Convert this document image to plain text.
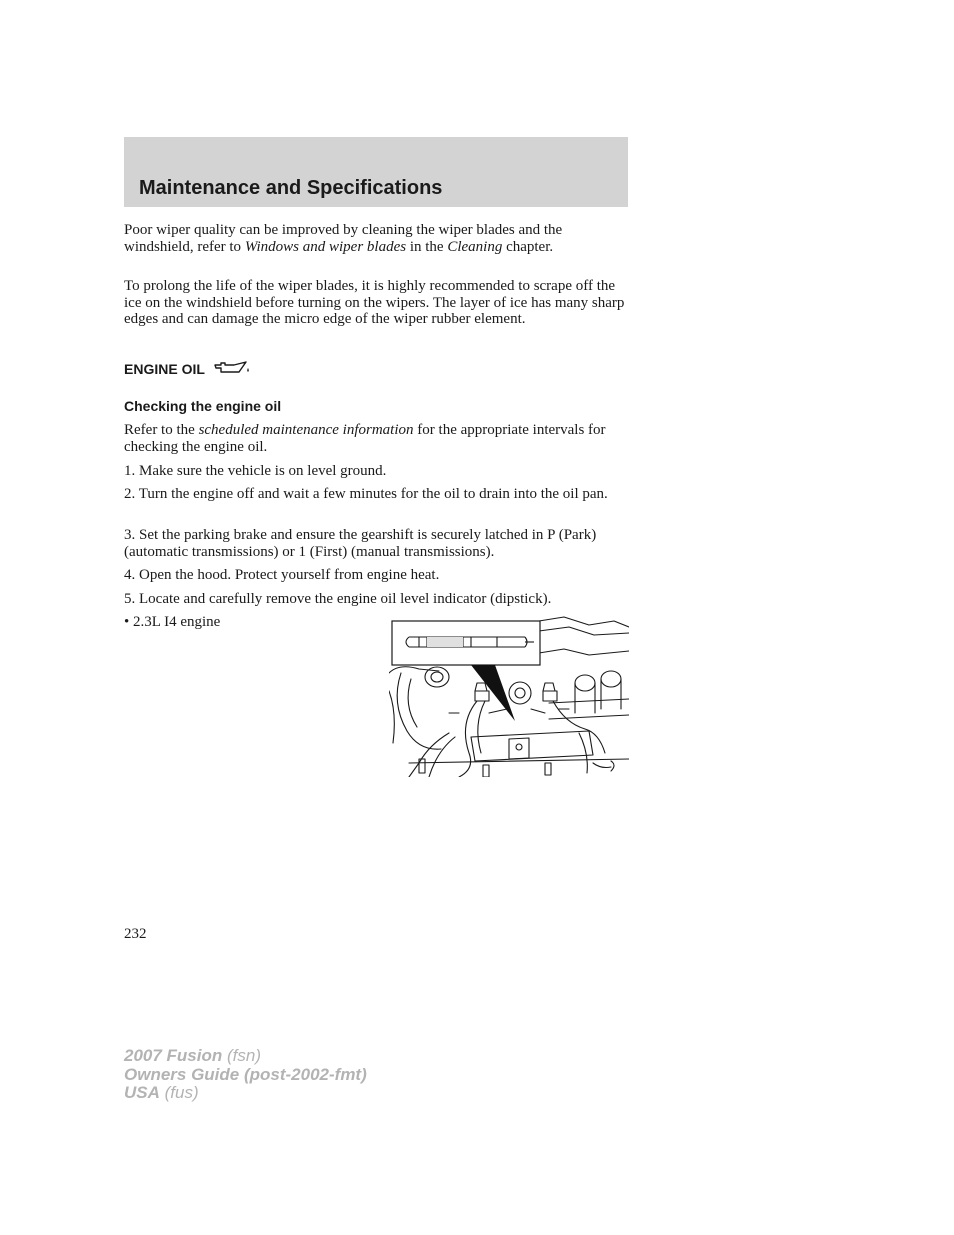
Maintenance and Specifications

Poor wiper quality can be improved by cleaning the wiper blades and the windshield, refer to Windows and wiper blades in the Cleaning chapter.

To prolong the life of the wiper blades, it is highly recommended to scrape off the ice on the windshield before turning on the wipers. The layer of ice has many sharp edges and can damage the micro edge of the wiper rubber element.

ENGINE OIL
Checking the engine oil

Refer to the scheduled maintenance information for the appropriate intervals for checking the engine oil.

1. Make sure the vehicle is on level ground.

2. Turn the engine off and wait a few minutes for the oil to drain into the oil pan.

3. Set the parking brake and ensure the gearshift is securely latched in P (Park) (automatic transmissions) or 1 (First) (manual transmissions).

4. Open the hood. Protect yourself from engine heat.

5. Locate and carefully remove the engine oil level indicator (dipstick).

• 2.3L I4 engine

232
2007 Fusion (fsn)
Owners Guide (post-2002-fmt)
USA (fus)
